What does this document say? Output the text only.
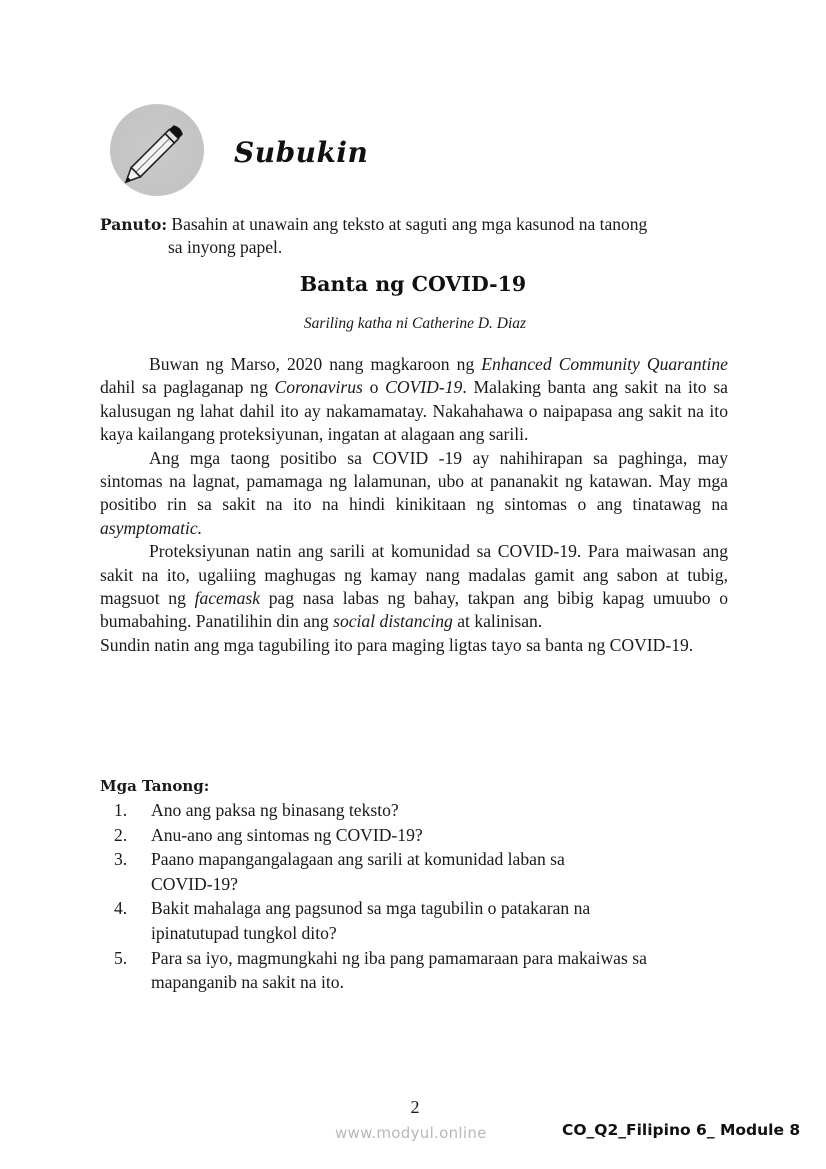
Subukin
Panuto: Basahin at unawain ang teksto at saguti ang mga kasunod na tanong
sa inyong papel.
Banta ng COVID-19
Sariling katha ni Catherine D. Diaz

Buwan ng Marso, 2020 nang magkaroon ng Enhanced Community Quarantine dahil sa paglaganap ng Coronavirus o COVID-19. Malaking banta ang sakit na ito sa kalusugan ng lahat dahil ito ay nakamamatay. Nakahahawa o naipapasa ang sakit na ito kaya kailangang proteksiyunan, ingatan at alagaan ang sarili.

Ang mga taong positibo sa COVID -19 ay nahihirapan sa paghinga, may sintomas na lagnat, pamamaga ng lalamunan, ubo at pananakit ng katawan. May mga positibo rin sa sakit na ito na hindi kinikitaan ng sintomas o ang tinatawag na asymptomatic.

Proteksiyunan natin ang sarili at komunidad sa COVID-19. Para maiwasan ang sakit na ito, ugaliing maghugas ng kamay nang madalas gamit ang sabon at tubig, magsuot ng facemask pag nasa labas ng bahay, takpan ang bibig kapag umuubo o bumabahing. Panatilihin din ang social distancing at kalinisan.

Sundin natin ang mga tagubiling ito para maging ligtas tayo sa banta ng COVID-19.

Mga Tanong:
1. Ano ang paksa ng binasang teksto?
2. Anu-ano ang sintomas ng COVID-19?
3. Paano mapangangalagaan ang sarili at komunidad laban sa COVID-19?
4. Bakit mahalaga ang pagsunod sa mga tagubilin o patakaran na ipinatutupad tungkol dito?
5. Para sa iyo, magmungkahi ng iba pang pamamaraan para makaiwas sa mapanganib na sakit na ito.
2
www.modyul.online	CO_Q2_Filipino 6_ Module 8
